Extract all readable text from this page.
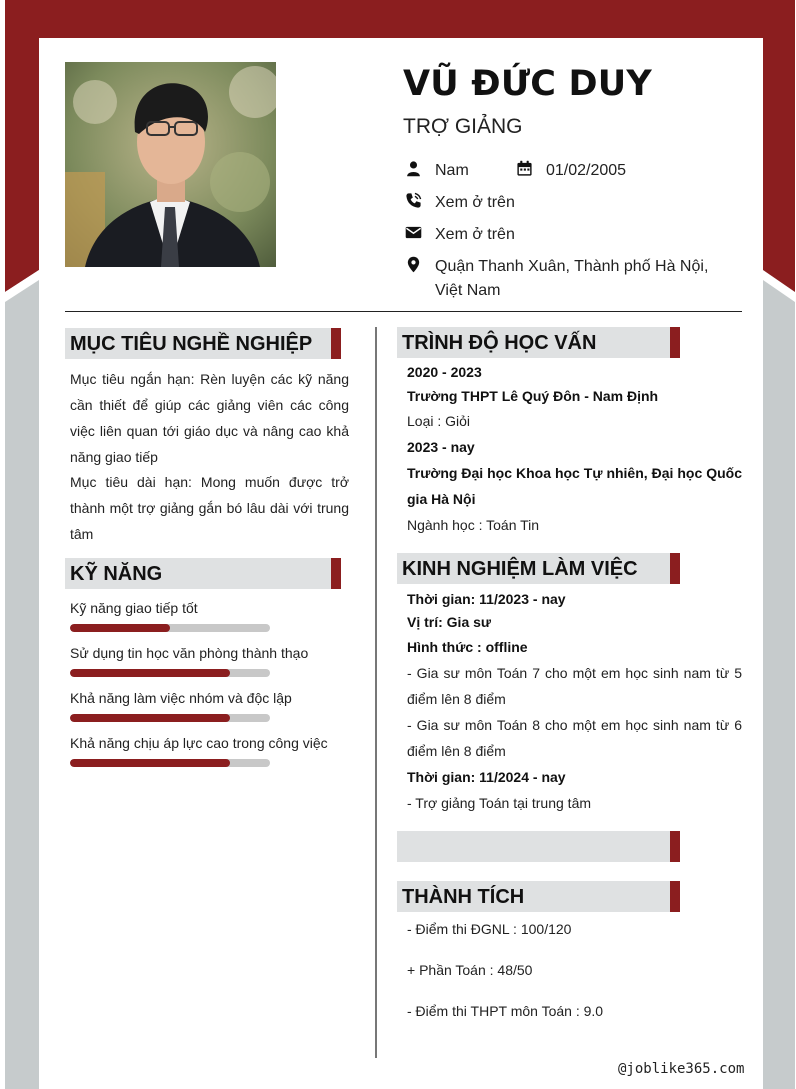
VŨ ĐỨC DUY
TRỢ GIẢNG
Nam	01/02/2005
Xem ở trên
Xem ở trên
Quận Thanh Xuân, Thành phố Hà Nội,
Việt Nam
MỤC TIÊU NGHỀ NGHIỆP
Mục tiêu ngắn hạn: Rèn luyện các kỹ năng cần thiết để giúp các giảng viên các công việc liên quan tới giáo dục và nâng cao khả năng giao tiếp
Mục tiêu dài hạn: Mong muốn được trở thành một trợ giảng gắn bó lâu dài với trung tâm
KỸ NĂNG
Kỹ năng giao tiếp tốt
Sử dụng tin học văn phòng thành thạo
Khả năng làm việc nhóm và độc lập
Khả năng chịu áp lực cao trong công việc
TRÌNH ĐỘ HỌC VẤN
2020 - 2023
Trường THPT Lê Quý Đôn - Nam Định
Loại : Giỏi
2023 - nay
Trường Đại học Khoa học Tự nhiên, Đại học Quốc gia Hà Nội
Ngành học : Toán Tin
KINH NGHIỆM LÀM VIỆC
Thời gian: 11/2023 - nay
Vị trí: Gia sư
Hình thức : offline
- Gia sư môn Toán 7 cho một em học sinh nam từ 5 điểm lên 8 điểm
- Gia sư môn Toán 8 cho một em học sinh nam từ 6 điểm lên 8 điểm
Thời gian: 11/2024 - nay
- Trợ giảng Toán tại trung tâm
THÀNH TÍCH
- Điểm thi ĐGNL : 100/120
+ Phần Toán : 48/50
- Điểm thi THPT môn Toán : 9.0
@joblike365.com
